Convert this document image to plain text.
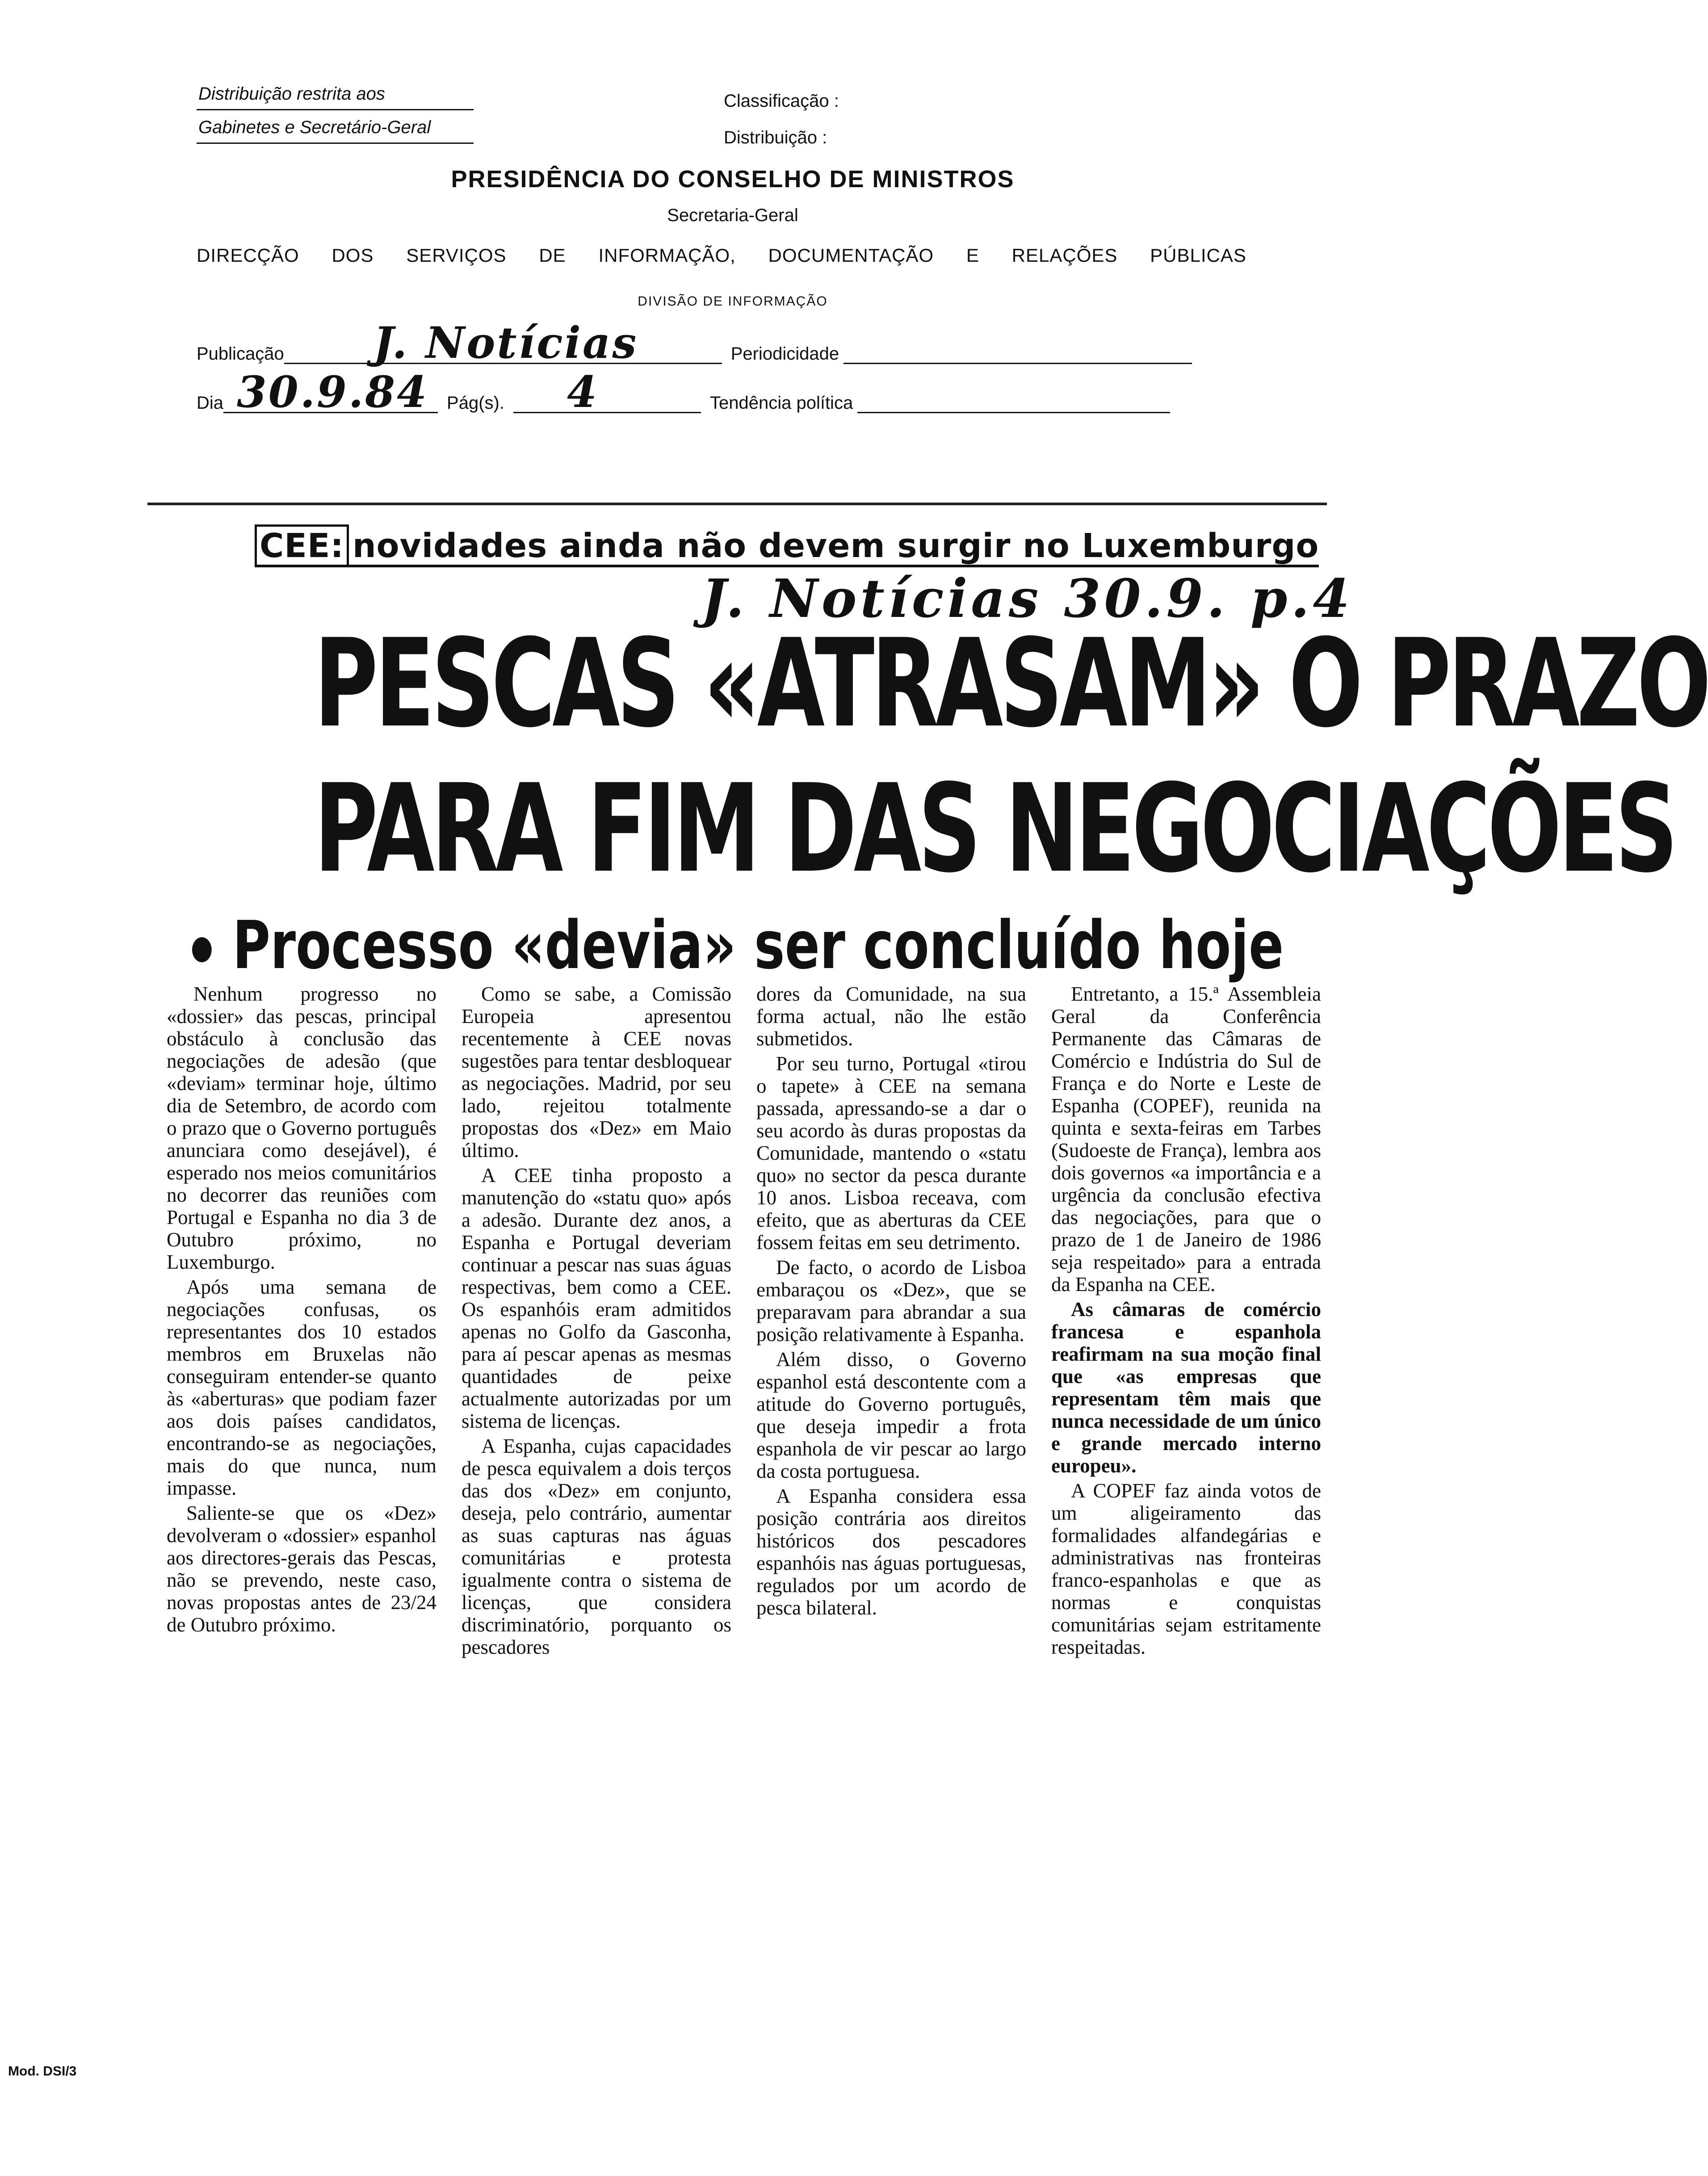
Distribuição restrita aos
Gabinetes e Secretário-Geral
Classificação :
Distribuição :
PRESIDÊNCIA DO CONSELHO DE MINISTROS
Secretaria-Geral
DIRECÇÃO DOS SERVIÇOS DE INFORMAÇÃO, DOCUMENTAÇÃO E RELAÇÕES PÚBLICAS
DIVISÃO DE INFORMAÇÃO
Publicação J. Notícias	Periodicidade
Dia 30.9.84 Pág(s). 4	Tendência política
CEE: novidades ainda não devem surgir no Luxemburgo
J. Notícias 30.9. p.4
PESCAS «ATRASAM» O PRAZO
PARA FIM DAS NEGOCIAÇÕES
Processo «devia» ser concluído hoje

Nenhum progresso no «dossier» das pescas, principal obstáculo à conclusão das negociações de adesão (que «deviam» terminar hoje, último dia de Setembro, de acordo com o prazo que o Governo português anunciara como desejável), é esperado nos meios comunitários no decorrer das reuniões com Portugal e Espanha no dia 3 de Outubro próximo, no Luxemburgo.

Após uma semana de negociações confusas, os representantes dos 10 estados membros em Bruxelas não conseguiram entender-se quanto às «aberturas» que podiam fazer aos dois países candidatos, encontrando-se as negociações, mais do que nunca, num impasse.

Saliente-se que os «Dez» devolveram o «dossier» espanhol aos directores-gerais das Pescas, não se prevendo, neste caso, novas propostas antes de 23/24 de Outubro próximo.

Como se sabe, a Comissão Europeia apresentou recentemente à CEE novas sugestões para tentar desbloquear as negociações. Madrid, por seu lado, rejeitou totalmente propostas dos «Dez» em Maio último.

A CEE tinha proposto a manutenção do «statu quo» após a adesão. Durante dez anos, a Espanha e Portugal deveriam continuar a pescar nas suas águas respectivas, bem como a CEE. Os espanhóis eram admitidos apenas no Golfo da Gasconha, para aí pescar apenas as mesmas quantidades de peixe actualmente autorizadas por um sistema de licenças.

A Espanha, cujas capacidades de pesca equivalem a dois terços das dos «Dez» em conjunto, deseja, pelo contrário, aumentar as suas capturas nas águas comunitárias e protesta igualmente contra o sistema de licenças, que considera discriminatório, porquanto os pescadores

dores da Comunidade, na sua forma actual, não lhe estão submetidos.

Por seu turno, Portugal «tirou o tapete» à CEE na semana passada, apressando-se a dar o seu acordo às duras propostas da Comunidade, mantendo o «statu quo» no sector da pesca durante 10 anos. Lisboa receava, com efeito, que as aberturas da CEE fossem feitas em seu detrimento.

De facto, o acordo de Lisboa embaraçou os «Dez», que se preparavam para abrandar a sua posição relativamente à Espanha.

Além disso, o Governo espanhol está descontente com a atitude do Governo português, que deseja impedir a frota espanhola de vir pescar ao largo da costa portuguesa.

A Espanha considera essa posição contrária aos direitos históricos dos pescadores espanhóis nas águas portuguesas, regulados por um acordo de pesca bilateral.

Entretanto, a 15.ª Assembleia Geral da Conferência Permanente das Câmaras de Comércio e Indústria do Sul de França e do Norte e Leste de Espanha (COPEF), reunida na quinta e sexta-feiras em Tarbes (Sudoeste de França), lembra aos dois governos «a importância e a urgência da conclusão efectiva das negociações, para que o prazo de 1 de Janeiro de 1986 seja respeitado» para a entrada da Espanha na CEE.

As câmaras de comércio francesa e espanhola reafirmam na sua moção final que «as empresas que representam têm mais que nunca necessidade de um único e grande mercado interno europeu».

A COPEF faz ainda votos de um aligeiramento das formalidades alfandegárias e administrativas nas fronteiras franco-espanholas e que as normas e conquistas comunitárias sejam estritamente respeitadas.

Mod. DSI/3
